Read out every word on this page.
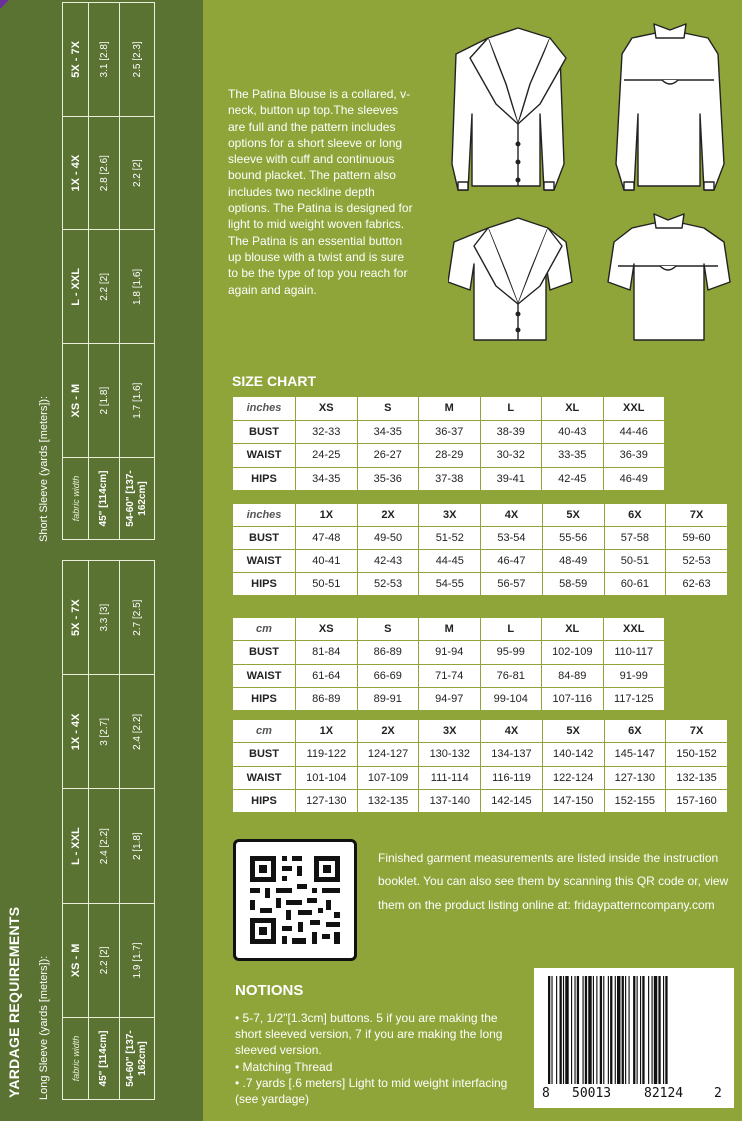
YARDAGE REQUIREMENTS Long Sleeve (yards [meters]): fabric width	XS - M	L - XXL	1X - 4X	5X - 7X
45" [114cm]	2.2 [2]	2.4 [2.2]	3 [2.7]	3.3 [3]
54-60" [137-162cm]	1.9 [1.7]	2 [1.8]	2.4 [2.2]	2.7 [2.5]
Short Sleeve (yards [meters]): fabric width	XS - M	L - XXL	1X - 4X	5X - 7X
45" [114cm]	2 [1.8]	2.2 [2]	2.8 [2.6]	3.1 [2.8]
54-60" [137-162cm]	1.7 [1.6]	1.8 [1.6]	2.2 [2]	2.5 [2.3]
The Patina Blouse is a collared, v-neck, button up top.The sleeves are full and the pattern includes options for a short sleeve or long sleeve with cuff and continuous bound placket. The pattern also includes two neckline depth options. The Patina is designed for light to mid weight woven fabrics. The Patina is an essential button up blouse with a twist and is sure to be the type of top you reach for again and again.
SIZE CHART
inches	XS	S	M	L	XL	XXL
BUST	32-33	34-35	36-37	38-39	40-43	44-46
WAIST	24-25	26-27	28-29	30-32	33-35	36-39
HIPS	34-35	35-36	37-38	39-41	42-45	46-49
inches	1X	2X	3X	4X	5X	6X	7X
BUST	47-48	49-50	51-52	53-54	55-56	57-58	59-60
WAIST	40-41	42-43	44-45	46-47	48-49	50-51	52-53
HIPS	50-51	52-53	54-55	56-57	58-59	60-61	62-63
cm	XS	S	M	L	XL	XXL
BUST	81-84	86-89	91-94	95-99	102-109	110-117
WAIST	61-64	66-69	71-74	76-81	84-89	91-99
HIPS	86-89	89-91	94-97	99-104	107-116	117-125
cm	1X	2X	3X	4X	5X	6X	7X
BUST	119-122	124-127	130-132	134-137	140-142	145-147	150-152
WAIST	101-104	107-109	111-114	116-119	122-124	127-130	132-135
HIPS	127-130	132-135	137-140	142-145	147-150	152-155	157-160
Finished garment measurements are listed inside the instruction booklet. You can also see them by scanning this QR code or, view them on the product listing online at: fridaypatterncompany.com
NOTIONS
• 5-7, 1/2"[1.3cm] buttons. 5 if you are making the short sleeved version, 7 if you are making the long sleeved version.
• Matching Thread
• .7 yards [.6 meters] Light to mid weight interfacing (see yardage)	8 50013	82124 2
